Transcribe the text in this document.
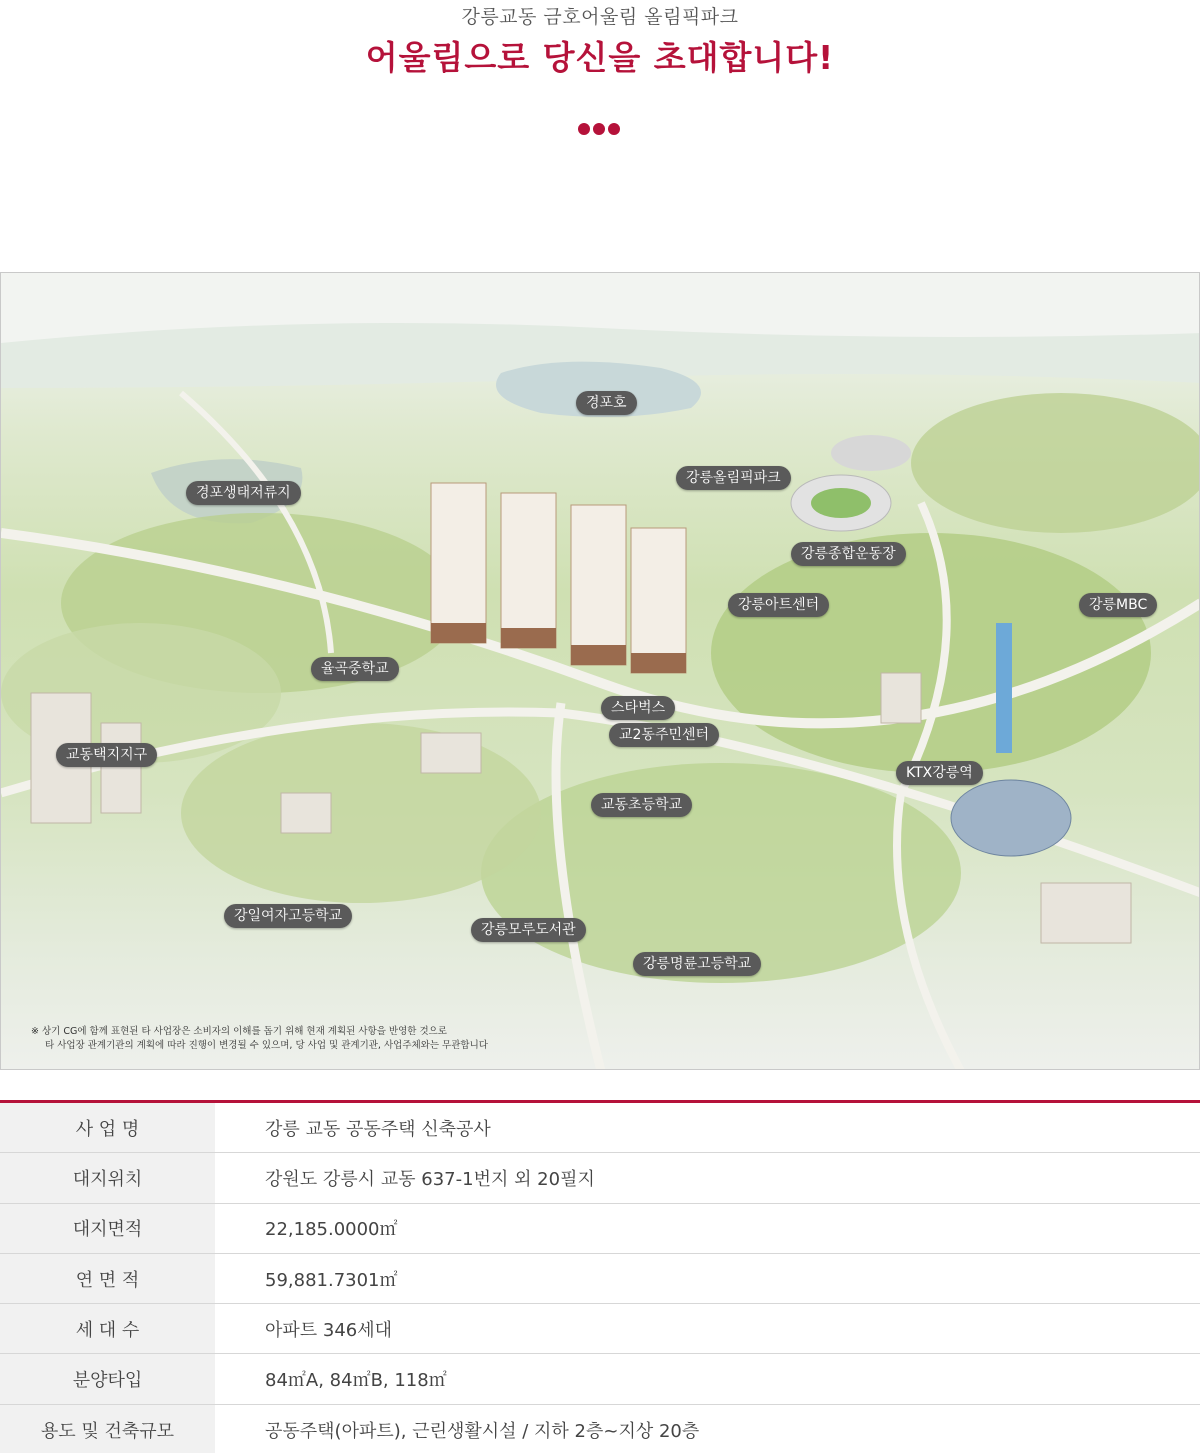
강릉교동 금호어울림 올림픽파크
어울림으로 당신을 초대합니다!
경포호
경포생태저류지
강릉올림픽파크
강릉종합운동장
강릉아트센터	강릉MBC
율곡중학교
스타벅스
교2동주민센터
교동택지지구
KTX강릉역
교동초등학교
강일여자고등학교
강릉모루도서관
강릉명륜고등학교
※ 상기 CG에 함께 표현된 타 사업장은 소비자의 이해를 돕기 위해 현재 계획된 사항을 반영한 것으로
타 사업장 관계기관의 계획에 따라 진행이 변경될 수 있으며, 당 사업 및 관계기관, 사업주체와는 무관합니다
사 업 명	강릉 교동 공동주택 신축공사
대지위치	강원도 강릉시 교동 637-1번지 외 20필지
대지면적	22,185.0000㎡
연 면 적	59,881.7301㎡
세 대 수	아파트 346세대
분양타입	84㎡A, 84㎡B, 118㎡
용도 및 건축규모	공동주택(아파트), 근린생활시설 / 지하 2층~지상 20층
